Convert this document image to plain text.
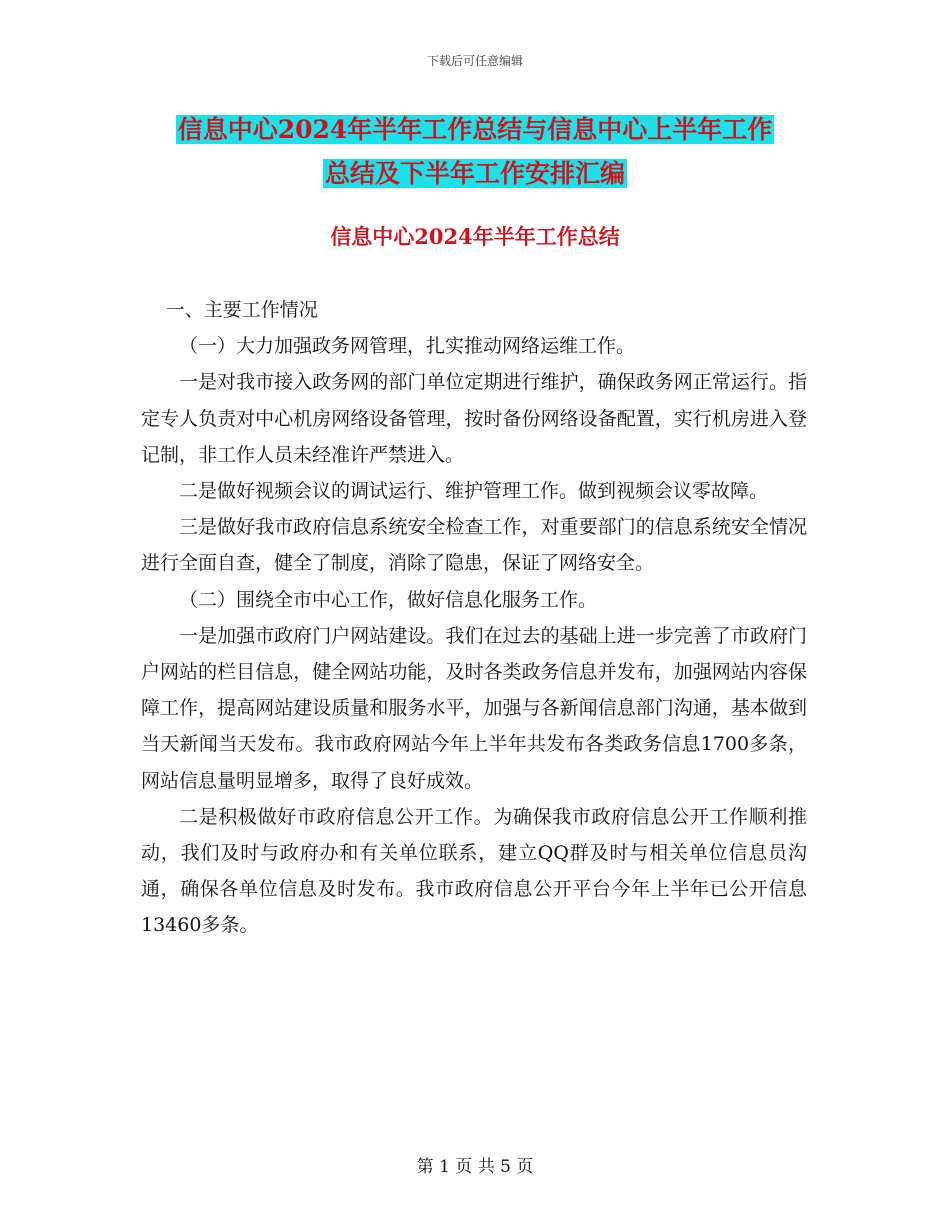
下载后可任意编辑
信息中心2024年半年工作总结与信息中心上半年工作
总结及下半年工作安排汇编
信息中心2024年半年工作总结

一、主要工作情况

（一）大力加强政务网管理，扎实推动网络运维工作。

一是对我市接入政务网的部门单位定期进行维护，确保政务网正常运行。指定专人负责对中心机房网络设备管理，按时备份网络设备配置，实行机房进入登记制，非工作人员未经准许严禁进入。

二是做好视频会议的调试运行、维护管理工作。做到视频会议零故障。

三是做好我市政府信息系统安全检查工作，对重要部门的信息系统安全情况进行全面自查，健全了制度，消除了隐患，保证了网络安全。

（二）围绕全市中心工作，做好信息化服务工作。

一是加强市政府门户网站建设。我们在过去的基础上进一步完善了市政府门户网站的栏目信息，健全网站功能，及时各类政务信息并发布，加强网站内容保障工作，提高网站建设质量和服务水平，加强与各新闻信息部门沟通，基本做到当天新闻当天发布。我市政府网站今年上半年共发布各类政务信息1700多条，网站信息量明显增多，取得了良好成效。

二是积极做好市政府信息公开工作。为确保我市政府信息公开工作顺利推动，我们及时与政府办和有关单位联系，建立QQ群及时与相关单位信息员沟通，确保各单位信息及时发布。我市政府信息公开平台今年上半年已公开信息13460多条。

第 1 页 共 5 页
